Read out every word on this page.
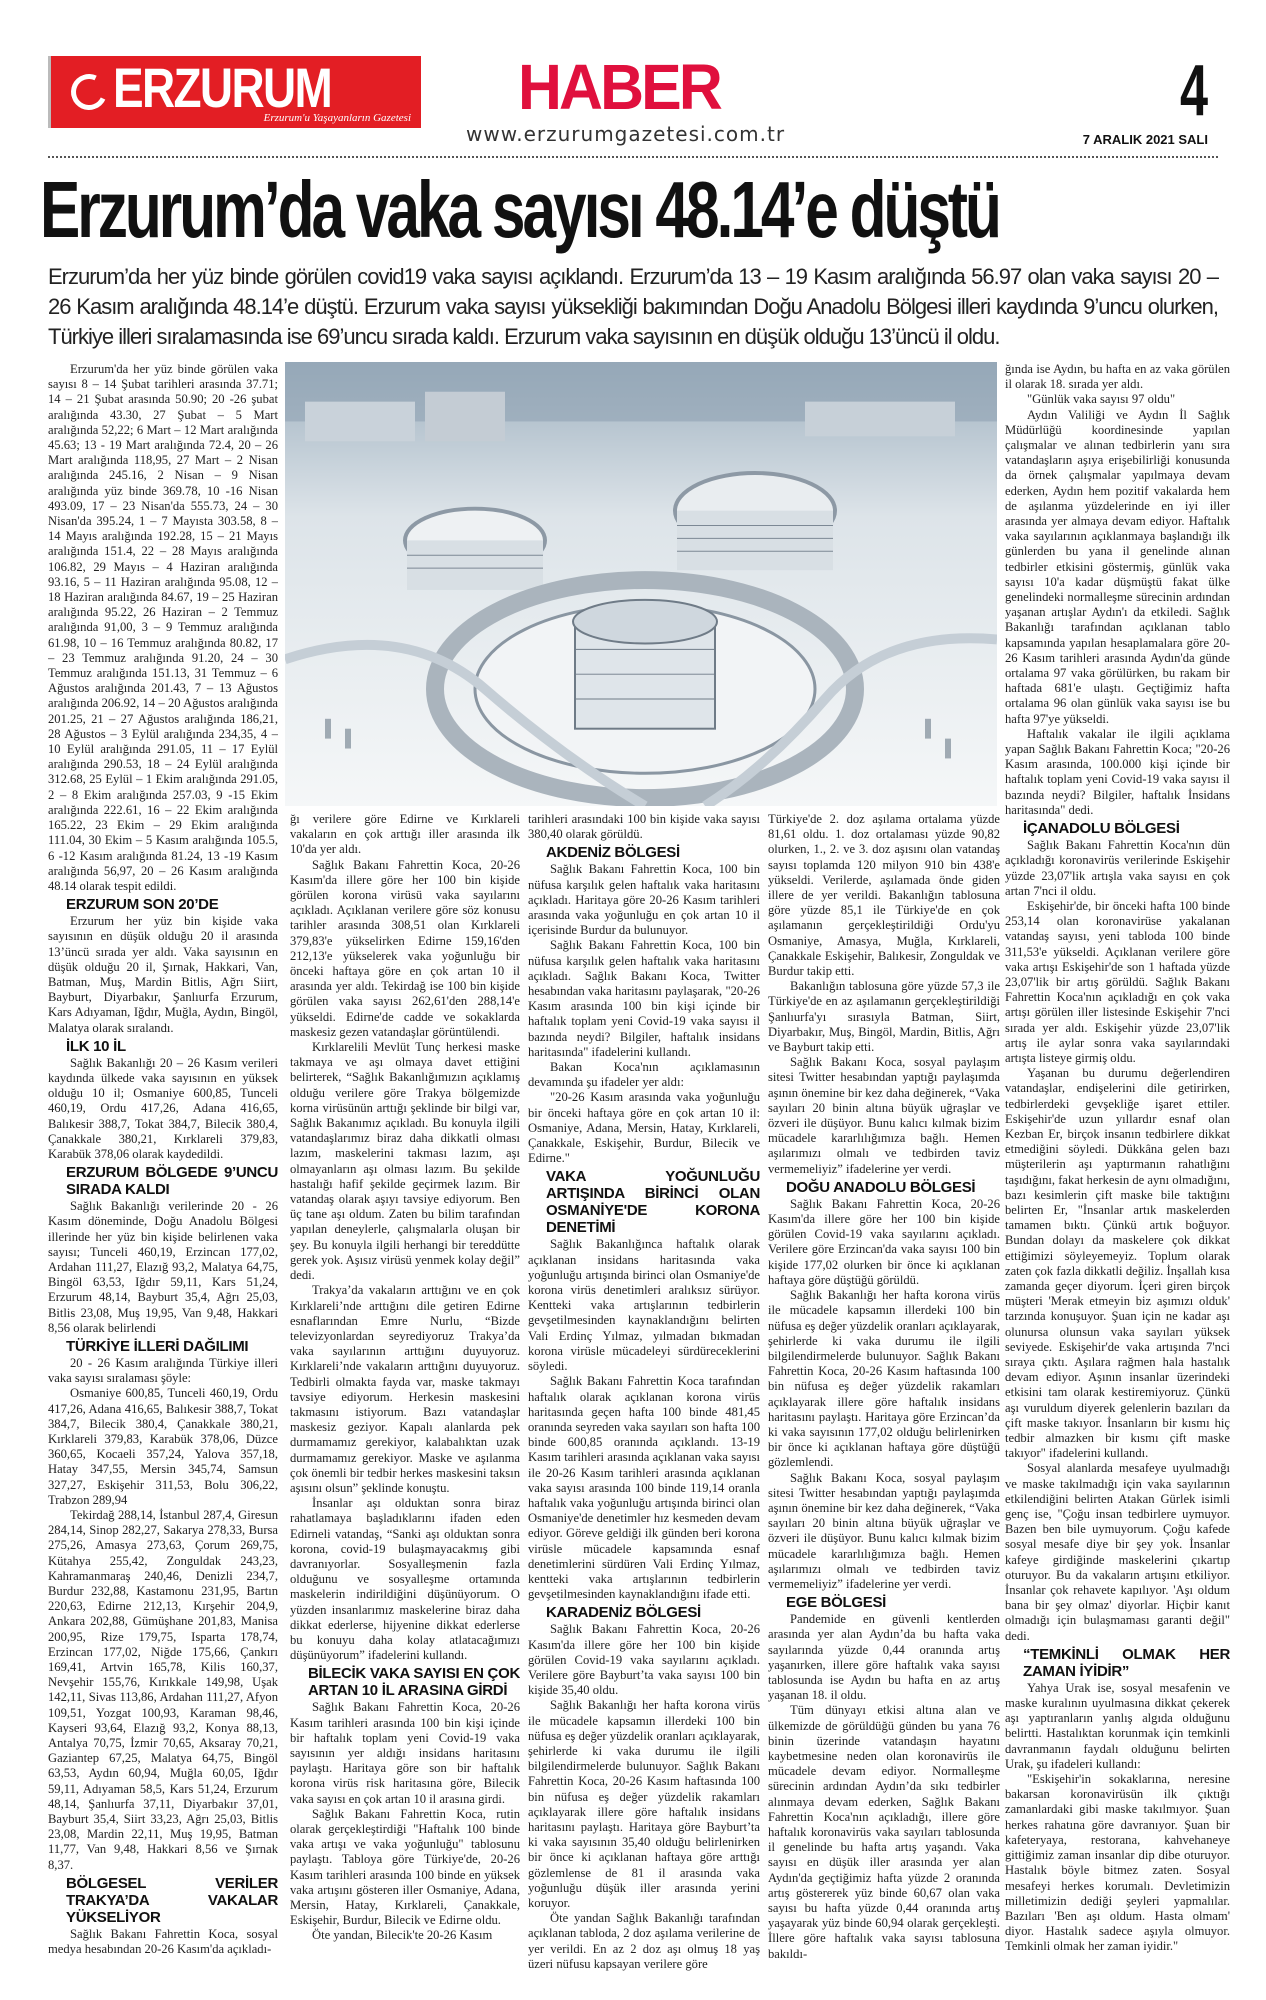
ERZURUM
Erzurum'u Yaşayanların Gazetesi HABER
www.erzurumgazetesi.com.tr
4
7 ARALIK 2021 SALI
Erzurum’da vaka sayısı 48.14’e düştü
Erzurum’da her yüz binde görülen covid19 vaka sayısı açıklandı. Erzurum’da 13 – 19 Kasım aralığında 56.97 olan vaka sayısı 20 – 26 Kasım aralığında 48.14’e düştü. Erzurum vaka sayısı yüksekliği bakımından Doğu Anadolu Bölgesi illeri kaydında 9’uncu olurken, Türkiye illeri sıralamasında ise 69’uncu sırada kaldı. Erzurum vaka sayısının en düşük olduğu 13’üncü il oldu.

Erzurum'da her yüz binde görülen vaka sayısı 8 – 14 Şubat tarihleri arasında 37.71; 14 – 21 Şubat arasında 50.90; 20 -26 şubat aralığında 43.30, 27 Şubat – 5 Mart aralığında 52,22; 6 Mart – 12 Mart aralığında 45.63; 13 - 19 Mart aralığında 72.4, 20 – 26 Mart aralığında 118,95, 27 Mart – 2 Nisan aralığında 245.16, 2 Nisan – 9 Nisan aralığında yüz binde 369.78, 10 -16 Nisan 493.09, 17 – 23 Nisan'da 555.73, 24 – 30 Nisan'da 395.24, 1 – 7 Mayısta 303.58, 8 – 14 Mayıs aralığında 192.28, 15 – 21 Mayıs aralığında 151.4, 22 – 28 Mayıs aralığında 106.82, 29 Mayıs – 4 Haziran aralığında 93.16, 5 – 11 Haziran aralığında 95.08, 12 – 18 Haziran aralığında 84.67, 19 – 25 Haziran aralığında 95.22, 26 Haziran – 2 Temmuz aralığında 91,00, 3 – 9 Temmuz aralığında 61.98, 10 – 16 Temmuz aralığında 80.82, 17 – 23 Temmuz aralığında 91.20, 24 – 30 Temmuz aralığında 151.13, 31 Temmuz – 6 Ağustos aralığında 201.43, 7 – 13 Ağustos aralığında 206.92, 14 – 20 Ağustos aralığında 201.25, 21 – 27 Ağustos aralığında 186,21, 28 Ağustos – 3 Eylül aralığında 234,35, 4 – 10 Eylül aralığında 291.05, 11 – 17 Eylül aralığında 290.53, 18 – 24 Eylül aralığında 312.68, 25 Eylül – 1 Ekim aralığında 291.05, 2 – 8 Ekim aralığında 257.03, 9 -15 Ekim aralığında 222.61, 16 – 22 Ekim aralığında 165.22, 23 Ekim – 29 Ekim aralığında 111.04, 30 Ekim – 5 Kasım aralığında 105.5, 6 -12 Kasım aralığında 81.24, 13 -19 Kasım aralığında 56,97, 20 – 26 Kasım aralığında 48.14 olarak tespit edildi.

ERZURUM SON 20’DE

Erzurum her yüz bin kişide vaka sayısının en düşük olduğu 20 il arasında 13’üncü sırada yer aldı. Vaka sayısının en düşük olduğu 20 il, Şırnak, Hakkari, Van, Batman, Muş, Mardin Bitlis, Ağrı Siirt, Bayburt, Diyarbakır, Şanlıurfa Erzurum, Kars Adıyaman, Iğdır, Muğla, Aydın, Bingöl, Malatya olarak sıralandı.

İLK 10 İL

Sağlık Bakanlığı 20 – 26 Kasım verileri kaydında ülkede vaka sayısının en yüksek olduğu 10 il; Osmaniye 600,85, Tunceli 460,19, Ordu 417,26, Adana 416,65, Balıkesir 388,7, Tokat 384,7, Bilecik 380,4, Çanakkale 380,21, Kırklareli 379,83, Karabük 378,06 olarak kaydedildi.

ERZURUM BÖLGEDE 9’UNCU SIRADA KALDI

Sağlık Bakanlığı verilerinde 20 - 26 Kasım döneminde, Doğu Anadolu Bölgesi illerinde her yüz bin kişide belirlenen vaka sayısı; Tunceli 460,19, Erzincan 177,02, Ardahan 111,27, Elazığ 93,2, Malatya 64,75, Bingöl 63,53, Iğdır 59,11, Kars 51,24, Erzurum 48,14, Bayburt 35,4, Ağrı 25,03, Bitlis 23,08, Muş 19,95, Van 9,48, Hakkari 8,56 olarak belirlendi

TÜRKİYE İLLERİ DAĞILIMI

20 - 26 Kasım aralığında Türkiye illeri vaka sayısı sıralaması şöyle:

Osmaniye 600,85, Tunceli 460,19, Ordu 417,26, Adana 416,65, Balıkesir 388,7, Tokat 384,7, Bilecik 380,4, Çanakkale 380,21, Kırklareli 379,83, Karabük 378,06, Düzce 360,65, Kocaeli 357,24, Yalova 357,18, Hatay 347,55, Mersin 345,74, Samsun 327,27, Eskişehir 311,53, Bolu 306,22, Trabzon 289,94

Tekirdağ 288,14, İstanbul 287,4, Giresun 284,14, Sinop 282,27, Sakarya 278,33, Bursa 275,26, Amasya 273,63, Çorum 269,75, Kütahya 255,42, Zonguldak 243,23, Kahramanmaraş 240,46, Denizli 234,7, Burdur 232,88, Kastamonu 231,95, Bartın 220,63, Edirne 212,13, Kırşehir 204,9, Ankara 202,88, Gümüşhane 201,83, Manisa 200,95, Rize 179,75, Isparta 178,74, Erzincan 177,02, Niğde 175,66, Çankırı 169,41, Artvin 165,78, Kilis 160,37, Nevşehir 155,76, Kırıkkale 149,98, Uşak 142,11, Sivas 113,86, Ardahan 111,27, Afyon 109,51, Yozgat 100,93, Karaman 98,46, Kayseri 93,64, Elazığ 93,2, Konya 88,13, Antalya 70,75, İzmir 70,65, Aksaray 70,21, Gaziantep 67,25, Malatya 64,75, Bingöl 63,53, Aydın 60,94, Muğla 60,05, Iğdır 59,11, Adıyaman 58,5, Kars 51,24, Erzurum 48,14, Şanlıurfa 37,11, Diyarbakır 37,01, Bayburt 35,4, Siirt 33,23, Ağrı 25,03, Bitlis 23,08, Mardin 22,11, Muş 19,95, Batman 11,77, Van 9,48, Hakkari 8,56 ve Şırnak 8,37.

BÖLGESEL VERİLER TRAKYA’DA VAKALAR YÜKSELİYOR

Sağlık Bakanı Fahrettin Koca, sosyal medya hesabından 20-26 Kasım'da açıkladı-

ğı verilere göre Edirne ve Kırklareli vakaların en çok arttığı iller arasında ilk 10'da yer aldı.

Sağlık Bakanı Fahrettin Koca, 20-26 Kasım'da illere göre her 100 bin kişide görülen korona virüsü vaka sayılarını açıkladı. Açıklanan verilere göre söz konusu tarihler arasında 308,51 olan Kırklareli 379,83'e yükselirken Edirne 159,16'den 212,13'e yükselerek vaka yoğunluğu bir önceki haftaya göre en çok artan 10 il arasında yer aldı. Tekirdağ ise 100 bin kişide görülen vaka sayısı 262,61'den 288,14'e yükseldi. Edirne'de cadde ve sokaklarda maskesiz gezen vatandaşlar görüntülendi.

Kırklarelili Mevlüt Tunç herkesi maske takmaya ve aşı olmaya davet ettiğini belirterek, “Sağlık Bakanlığımızın açıklamış olduğu verilere göre Trakya bölgemizde korna virüsünün arttığı şeklinde bir bilgi var, Sağlık Bakanımız açıkladı. Bu konuyla ilgili vatandaşlarımız biraz daha dikkatli olması lazım, maskelerini takması lazım, aşı olmayanların aşı olması lazım. Bu şekilde hastalığı hafif şekilde geçirmek lazım. Bir vatandaş olarak aşıyı tavsiye ediyorum. Ben üç tane aşı oldum. Zaten bu bilim tarafından yapılan deneylerle, çalışmalarla oluşan bir şey. Bu konuyla ilgili herhangi bir tereddütte gerek yok. Aşısız virüsü yenmek kolay değil” dedi.

Trakya’da vakaların arttığını ve en çok Kırklareli’nde arttığını dile getiren Edirne esnaflarından Emre Nurlu, “Bizde televizyonlardan seyrediyoruz Trakya’da vaka sayılarının arttığını duyuyoruz. Kırklareli’nde vakaların arttığını duyuyoruz. Tedbirli olmakta fayda var, maske takmayı tavsiye ediyorum. Herkesin maskesini takmasını istiyorum. Bazı vatandaşlar maskesiz geziyor. Kapalı alanlarda pek durmamamız gerekiyor, kalabalıktan uzak durmamamız gerekiyor. Maske ve aşılanma çok önemli bir tedbir herkes maskesini taksın aşısını olsun” şeklinde konuştu.

İnsanlar aşı olduktan sonra biraz rahatlamaya başladıklarını ifaden eden Edirneli vatandaş, “Sanki aşı olduktan sonra korona, covid-19 bulaşmayacakmış gibi davranıyorlar. Sosyalleşmenin fazla olduğunu ve sosyalleşme ortamında maskelerin indirildiğini düşünüyorum. O yüzden insanlarımız maskelerine biraz daha dikkat ederlerse, hijyenine dikkat ederlerse bu konuyu daha kolay atlatacağımızı düşünüyorum” ifadelerini kullandı.

BİLECİK VAKA SAYISI EN ÇOK ARTAN 10 İL ARASINA GİRDİ

Sağlık Bakanı Fahrettin Koca, 20-26 Kasım tarihleri arasında 100 bin kişi içinde bir haftalık toplam yeni Covid-19 vaka sayısının yer aldığı insidans haritasını paylaştı. Haritaya göre son bir haftalık korona virüs risk haritasına göre, Bilecik vaka sayısı en çok artan 10 il arasına girdi.

Sağlık Bakanı Fahrettin Koca, rutin olarak gerçekleştirdiği "Haftalık 100 binde vaka artışı ve vaka yoğunluğu" tablosunu paylaştı. Tabloya göre Türkiye'de, 20-26 Kasım tarihleri arasında 100 binde en yüksek vaka artışını gösteren iller Osmaniye, Adana, Mersin, Hatay, Kırklareli, Çanakkale, Eskişehir, Burdur, Bilecik ve Edirne oldu.

Öte yandan, Bilecik'te 20-26 Kasım

tarihleri arasındaki 100 bin kişide vaka sayısı 380,40 olarak görüldü.

AKDENİZ BÖLGESİ

Sağlık Bakanı Fahrettin Koca, 100 bin nüfusa karşılık gelen haftalık vaka haritasını açıkladı. Haritaya göre 20-26 Kasım tarihleri arasında vaka yoğunluğu en çok artan 10 il içerisinde Burdur da bulunuyor.

Sağlık Bakanı Fahrettin Koca, 100 bin nüfusa karşılık gelen haftalık vaka haritasını açıkladı. Sağlık Bakanı Koca, Twitter hesabından vaka haritasını paylaşarak, "20-26 Kasım arasında 100 bin kişi içinde bir haftalık toplam yeni Covid-19 vaka sayısı il bazında neydi? Bilgiler, haftalık insidans haritasında" ifadelerini kullandı.

Bakan Koca'nın açıklamasının devamında şu ifadeler yer aldı:

"20-26 Kasım arasında vaka yoğunluğu bir önceki haftaya göre en çok artan 10 il: Osmaniye, Adana, Mersin, Hatay, Kırklareli, Çanakkale, Eskişehir, Burdur, Bilecik ve Edirne."

VAKA YOĞUNLUĞU ARTIŞINDA BİRİNCİ OLAN OSMANİYE'DE KORONA DENETİMİ

Sağlık Bakanlığınca haftalık olarak açıklanan insidans haritasında vaka yoğunluğu artışında birinci olan Osmaniye'de korona virüs denetimleri aralıksız sürüyor. Kentteki vaka artışlarının tedbirlerin gevşetilmesinden kaynaklandığını belirten Vali Erdinç Yılmaz, yılmadan bıkmadan korona virüsle mücadeleyi sürdüreceklerini söyledi.

Sağlık Bakanı Fahrettin Koca tarafından haftalık olarak açıklanan korona virüs haritasında geçen hafta 100 binde 481,45 oranında seyreden vaka sayıları son hafta 100 binde 600,85 oranında açıklandı. 13-19 Kasım tarihleri arasında açıklanan vaka sayısı ile 20-26 Kasım tarihleri arasında açıklanan vaka sayısı arasında 100 binde 119,14 oranla haftalık vaka yoğunluğu artışında birinci olan Osmaniye'de denetimler hız kesmeden devam ediyor. Göreve geldiği ilk günden beri korona virüsle mücadele kapsamında esnaf denetimlerini sürdüren Vali Erdinç Yılmaz, kentteki vaka artışlarının tedbirlerin gevşetilmesinden kaynaklandığını ifade etti.

KARADENİZ BÖLGESİ

Sağlık Bakanı Fahrettin Koca, 20-26 Kasım'da illere göre her 100 bin kişide görülen Covid-19 vaka sayılarını açıkladı. Verilere göre Bayburt’ta vaka sayısı 100 bin kişide 35,40 oldu.

Sağlık Bakanlığı her hafta korona virüs ile mücadele kapsamın illerdeki 100 bin nüfusa eş değer yüzdelik oranları açıklayarak, şehirlerde ki vaka durumu ile ilgili bilgilendirmelerde bulunuyor. Sağlık Bakanı Fahrettin Koca, 20-26 Kasım haftasında 100 bin nüfusa eş değer yüzdelik rakamları açıklayarak illere göre haftalık insidans haritasını paylaştı. Haritaya göre Bayburt’ta ki vaka sayısının 35,40 olduğu belirlenirken bir önce ki açıklanan haftaya göre arttığı gözlemlense de 81 il arasında vaka yoğunluğu düşük iller arasında yerini koruyor.

Öte yandan Sağlık Bakanlığı tarafından açıklanan tabloda, 2 doz aşılama verilerine de yer verildi. En az 2 doz aşı olmuş 18 yaş üzeri nüfusu kapsayan verilere göre

Türkiye'de 2. doz aşılama ortalama yüzde 81,61 oldu. 1. doz ortalaması yüzde 90,82 olurken, 1., 2. ve 3. doz aşısını olan vatandaş sayısı toplamda 120 milyon 910 bin 438'e yükseldi. Verilerde, aşılamada önde giden illere de yer verildi. Bakanlığın tablosuna göre yüzde 85,1 ile Türkiye'de en çok aşılamanın gerçekleştirildiği Ordu'yu Osmaniye, Amasya, Muğla, Kırklareli, Çanakkale Eskişehir, Balıkesir, Zonguldak ve Burdur takip etti.

Bakanlığın tablosuna göre yüzde 57,3 ile Türkiye'de en az aşılamanın gerçekleştirildiği Şanlıurfa'yı sırasıyla Batman, Siirt, Diyarbakır, Muş, Bingöl, Mardin, Bitlis, Ağrı ve Bayburt takip etti.

Sağlık Bakanı Koca, sosyal paylaşım sitesi Twitter hesabından yaptığı paylaşımda aşının önemine bir kez daha değinerek, “Vaka sayıları 20 binin altına büyük uğraşlar ve özveri ile düşüyor. Bunu kalıcı kılmak bizim mücadele kararlılığımıza bağlı. Hemen aşılarımızı olmalı ve tedbirden taviz vermemeliyiz” ifadelerine yer verdi.

DOĞU ANADOLU BÖLGESİ

Sağlık Bakanı Fahrettin Koca, 20-26 Kasım'da illere göre her 100 bin kişide görülen Covid-19 vaka sayılarını açıkladı. Verilere göre Erzincan'da vaka sayısı 100 bin kişide 177,02 olurken bir önce ki açıklanan haftaya göre düştüğü görüldü.

Sağlık Bakanlığı her hafta korona virüs ile mücadele kapsamın illerdeki 100 bin nüfusa eş değer yüzdelik oranları açıklayarak, şehirlerde ki vaka durumu ile ilgili bilgilendirmelerde bulunuyor. Sağlık Bakanı Fahrettin Koca, 20-26 Kasım haftasında 100 bin nüfusa eş değer yüzdelik rakamları açıklayarak illere göre haftalık insidans haritasını paylaştı. Haritaya göre Erzincan’da ki vaka sayısının 177,02 olduğu belirlenirken bir önce ki açıklanan haftaya göre düştüğü gözlemlendi.

Sağlık Bakanı Koca, sosyal paylaşım sitesi Twitter hesabından yaptığı paylaşımda aşının önemine bir kez daha değinerek, “Vaka sayıları 20 binin altına büyük uğraşlar ve özveri ile düşüyor. Bunu kalıcı kılmak bizim mücadele kararlılığımıza bağlı. Hemen aşılarımızı olmalı ve tedbirden taviz vermemeliyiz” ifadelerine yer verdi.

EGE BÖLGESİ

Pandemide en güvenli kentlerden arasında yer alan Aydın’da bu hafta vaka sayılarında yüzde 0,44 oranında artış yaşanırken, illere göre haftalık vaka sayısı tablosunda ise Aydın bu hafta en az artış yaşanan 18. il oldu.

Tüm dünyayı etkisi altına alan ve ülkemizde de görüldüğü günden bu yana 76 binin üzerinde vatandaşın hayatını kaybetmesine neden olan koronavirüs ile mücadele devam ediyor. Normalleşme sürecinin ardından Aydın’da sıkı tedbirler alınmaya devam ederken, Sağlık Bakanı Fahrettin Koca'nın açıkladığı, illere göre haftalık koronavirüs vaka sayıları tablosunda il genelinde bu hafta artış yaşandı. Vaka sayısı en düşük iller arasında yer alan Aydın'da geçtiğimiz hafta yüzde 2 oranında artış göstererek yüz binde 60,67 olan vaka sayısı bu hafta yüzde 0,44 oranında artış yaşayarak yüz binde 60,94 olarak gerçekleşti. İllere göre haftalık vaka sayısı tablosuna bakıldı-

ğında ise Aydın, bu hafta en az vaka görülen il olarak 18. sırada yer aldı.

"Günlük vaka sayısı 97 oldu"

Aydın Valiliği ve Aydın İl Sağlık Müdürlüğü koordinesinde yapılan çalışmalar ve alınan tedbirlerin yanı sıra vatandaşların aşıya erişebilirliği konusunda da örnek çalışmalar yapılmaya devam ederken, Aydın hem pozitif vakalarda hem de aşılanma yüzdelerinde en iyi iller arasında yer almaya devam ediyor. Haftalık vaka sayılarının açıklanmaya başlandığı ilk günlerden bu yana il genelinde alınan tedbirler etkisini göstermiş, günlük vaka sayısı 10'a kadar düşmüştü fakat ülke genelindeki normalleşme sürecinin ardından yaşanan artışlar Aydın'ı da etkiledi. Sağlık Bakanlığı tarafından açıklanan tablo kapsamında yapılan hesaplamalara göre 20-26 Kasım tarihleri arasında Aydın'da günde ortalama 97 vaka görülürken, bu rakam bir haftada 681'e ulaştı. Geçtiğimiz hafta ortalama 96 olan günlük vaka sayısı ise bu hafta 97'ye yükseldi.

Haftalık vakalar ile ilgili açıklama yapan Sağlık Bakanı Fahrettin Koca; "20-26 Kasım arasında, 100.000 kişi içinde bir haftalık toplam yeni Covid-19 vaka sayısı il bazında neydi? Bilgiler, haftalık İnsidans haritasında" dedi.

İÇANADOLU BÖLGESİ

Sağlık Bakanı Fahrettin Koca'nın dün açıkladığı koronavirüs verilerinde Eskişehir yüzde 23,07'lik artışla vaka sayısı en çok artan 7'nci il oldu.

Eskişehir'de, bir önceki hafta 100 binde 253,14 olan koronavirüse yakalanan vatandaş sayısı, yeni tabloda 100 binde 311,53'e yükseldi. Açıklanan verilere göre vaka artışı Eskişehir'de son 1 haftada yüzde 23,07'lik bir artış görüldü. Sağlık Bakanı Fahrettin Koca'nın açıkladığı en çok vaka artışı görülen iller listesinde Eskişehir 7'nci sırada yer aldı. Eskişehir yüzde 23,07'lik artış ile aylar sonra vaka sayılarındaki artışta listeye girmiş oldu.

Yaşanan bu durumu değerlendiren vatandaşlar, endişelerini dile getirirken, tedbirlerdeki gevşekliğe işaret ettiler. Eskişehir'de uzun yıllardır esnaf olan Kezban Er, birçok insanın tedbirlere dikkat etmediğini söyledi. Dükkâna gelen bazı müşterilerin aşı yaptırmanın rahatlığını taşıdığını, fakat herkesin de aynı olmadığını, bazı kesimlerin çift maske bile taktığını belirten Er, "İnsanlar artık maskelerden tamamen bıktı. Çünkü artık boğuyor. Bundan dolayı da maskelere çok dikkat ettiğimizi söyleyemeyiz. Toplum olarak zaten çok fazla dikkatli değiliz. İnşallah kısa zamanda geçer diyorum. İçeri giren birçok müşteri 'Merak etmeyin biz aşımızı olduk' tarzında konuşuyor. Şuan için ne kadar aşı olunursa olunsun vaka sayıları yüksek seviyede. Eskişehir'de vaka artışında 7'nci sıraya çıktı. Aşılara rağmen hala hastalık devam ediyor. Aşının insanlar üzerindeki etkisini tam olarak kestiremiyoruz. Çünkü aşı vuruldum diyerek gelenlerin bazıları da çift maske takıyor. İnsanların bir kısmı hiç tedbir almazken bir kısmı çift maske takıyor" ifadelerini kullandı.

Sosyal alanlarda mesafeye uyulmadığı ve maske takılmadığı için vaka sayılarının etkilendiğini belirten Atakan Gürlek isimli genç ise, "Çoğu insan tedbirlere uymuyor. Bazen ben bile uymuyorum. Çoğu kafede sosyal mesafe diye bir şey yok. İnsanlar kafeye girdiğinde maskelerini çıkartıp oturuyor. Bu da vakaların artışını etkiliyor. İnsanlar çok rehavete kapılıyor. 'Aşı oldum bana bir şey olmaz' diyorlar. Hiçbir kanıt olmadığı için bulaşmaması garanti değil" dedi.

“TEMKİNLİ OLMAK HER ZAMAN İYİDİR”

Yahya Urak ise, sosyal mesafenin ve maske kuralının uyulmasına dikkat çekerek aşı yaptıranların yanlış algıda olduğunu belirtti. Hastalıktan korunmak için temkinli davranmanın faydalı olduğunu belirten Urak, şu ifadeleri kullandı:

"Eskişehir'in sokaklarına, neresine bakarsan koronavirüsün ilk çıktığı zamanlardaki gibi maske takılmıyor. Şuan herkes rahatına göre davranıyor. Şuan bir kafeteryaya, restorana, kahvehaneye gittiğimiz zaman insanlar dip dibe oturuyor. Hastalık böyle bitmez zaten. Sosyal mesafeyi herkes korumalı. Devletimizin milletimizin dediği şeyleri yapmalılar. Bazıları 'Ben aşı oldum. Hasta olmam' diyor. Hastalık sadece aşıyla olmuyor. Temkinli olmak her zaman iyidir."
